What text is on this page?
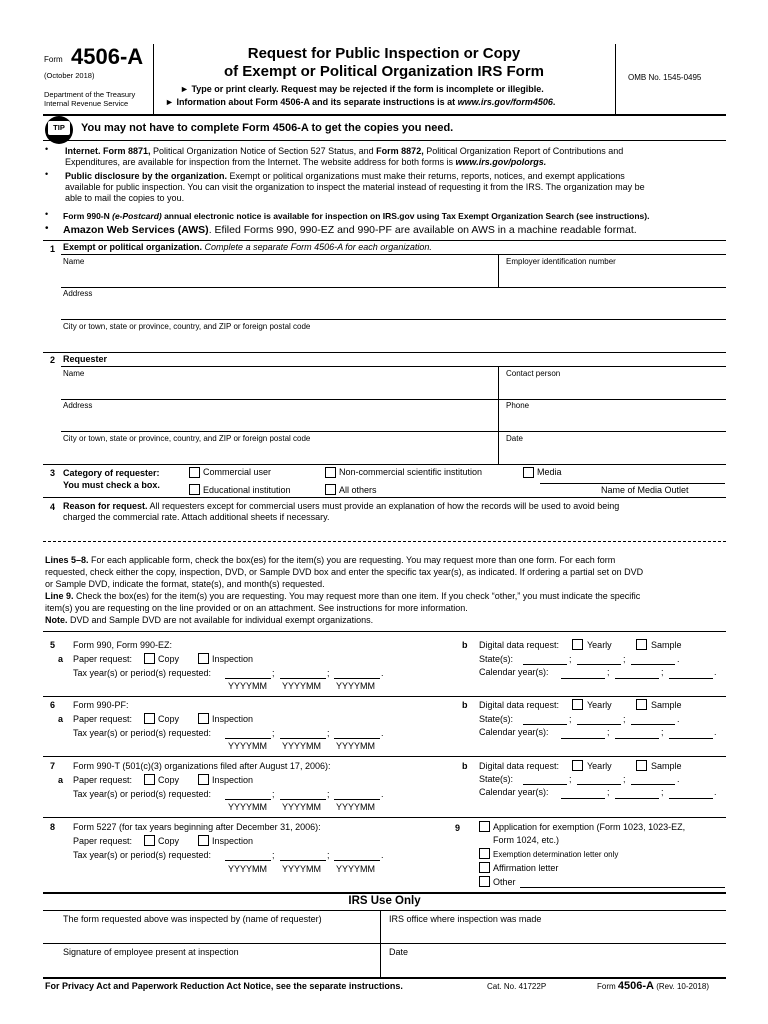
Form 4506-A
(October 2018)
Department of the Treasury
Internal Revenue Service
Request for Public Inspection or Copy
of Exempt or Political Organization IRS Form
► Type or print clearly. Request may be rejected if the form is incomplete or illegible.
► Information about Form 4506-A and its separate instructions is at www.irs.gov/form4506.
OMB No. 1545-0495
TIP	You may not have to complete Form 4506-A to get the copies you need.
• Internet. Form 8871, Political Organization Notice of Section 527 Status, and Form 8872, Political Organization Report of Contributions and
Expenditures, are available for inspection from the Internet. The website address for both forms is www.irs.gov/polorgs.
• Public disclosure by the organization. Exempt or political organizations must make their returns, reports, notices, and exempt applications
available for public inspection. You can visit the organization to inspect the material instead of requesting it from the IRS. The organization may be
able to mail the copies to you.
• Form 990-N (e-Postcard) annual electronic notice is available for inspection on IRS.gov using Tax Exempt Organization Search (see instructions).
• Amazon Web Services (AWS). Efiled Forms 990, 990-EZ and 990-PF are available on AWS in a machine readable format.
1 Exempt or political organization. Complete a separate Form 4506-A for each organization.
Name	Employer identification number
Address
City or town, state or province, country, and ZIP or foreign postal code
2 Requester
Name	Contact person
Address	Phone
City or town, state or province, country, and ZIP or foreign postal code	Date
3 Category of requester:
You must check a box.
Commercial user	Non-commercial scientific institution	Media
Educational institution	All others	Name of Media Outlet
4 Reason for request. All requesters except for commercial users must provide an explanation of how the records will be used to avoid being
charged the commercial rate. Attach additional sheets if necessary.
Lines 5–8. For each applicable form, check the box(es) for the item(s) you are requesting. You may request more than one form. For each form
requested, check either the copy, inspection, DVD, or Sample DVD box and enter the specific tax year(s), as indicated. If ordering a partial set on DVD
or Sample DVD, indicate the format, state(s), and month(s) requested.
Line 9. Check the box(es) for the item(s) you are requesting. You may request more than one item. If you check “other,” you must indicate the specific
item(s) you are requesting on the line provided or on an attachment. See instructions for more information.
Note. DVD and Sample DVD are not available for individual exempt organizations.
5 Form 990, Form 990-EZ:
a Paper request:	Copy	Inspection
Tax year(s) or period(s) requested:	;	;	.
YYYYMM YYYYMM YYYYMM
b Digital data request:	Yearly	Sample
State(s):	;	;	.
Calendar year(s):	;	;	.
6 Form 990-PF:
a Paper request:	Copy	Inspection
Tax year(s) or period(s) requested:	;	;	.
YYYYMM YYYYMM YYYYMM
b Digital data request:	Yearly	Sample
State(s):	;	;	.
Calendar year(s):	;	;	.
7 Form 990-T (501(c)(3) organizations filed after August 17, 2006):
a Paper request:	Copy	Inspection
Tax year(s) or period(s) requested:	;	;	.
YYYYMM YYYYMM YYYYMM
b Digital data request:	Yearly	Sample
State(s):	;	;	.
Calendar year(s):	;	;	.
8 Form 5227 (for tax years beginning after December 31, 2006):
Paper request:	Copy	Inspection
Tax year(s) or period(s) requested:	;	;	.
YYYYMM YYYYMM YYYYMM
9	Application for exemption (Form 1023, 1023-EZ,
Form 1024, etc.)
Exemption determination letter only
Affirmation letter
Other
IRS Use Only
The form requested above was inspected by (name of requester)	IRS office where inspection was made
Signature of employee present at inspection	Date
For Privacy Act and Paperwork Reduction Act Notice, see the separate instructions.	Cat. No. 41722P	Form 4506-A (Rev. 10-2018)
